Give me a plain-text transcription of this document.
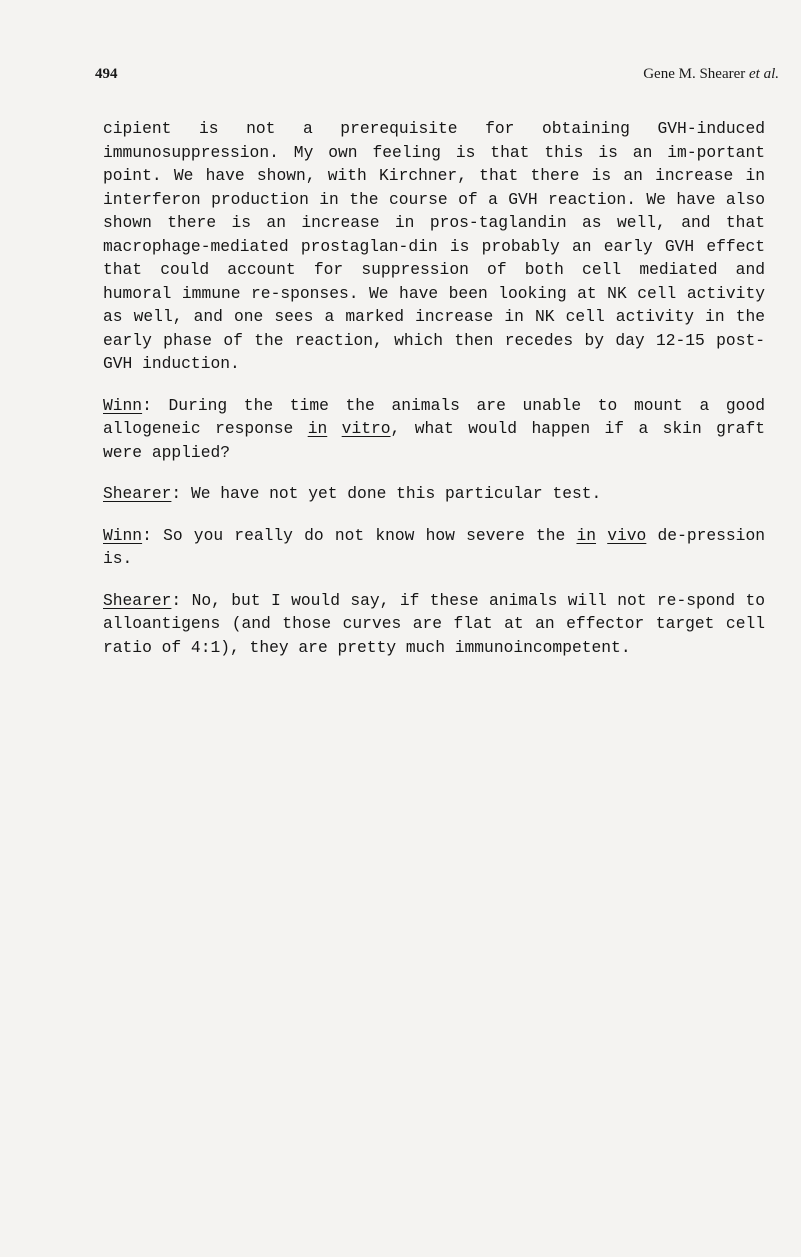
494	Gene M. Shearer et al.

cipient is not a prerequisite for obtaining GVH-induced immunosuppression. My own feeling is that this is an im-portant point. We have shown, with Kirchner, that there is an increase in interferon production in the course of a GVH reaction. We have also shown there is an increase in pros-taglandin as well, and that macrophage-mediated prostaglan-din is probably an early GVH effect that could account for suppression of both cell mediated and humoral immune re-sponses. We have been looking at NK cell activity as well, and one sees a marked increase in NK cell activity in the early phase of the reaction, which then recedes by day 12-15 post-GVH induction.

Winn: During the time the animals are unable to mount a good allogeneic response in vitro, what would happen if a skin graft were applied?

Shearer: We have not yet done this particular test.

Winn: So you really do not know how severe the in vivo de-pression is.

Shearer: No, but I would say, if these animals will not re-spond to alloantigens (and those curves are flat at an effector target cell ratio of 4:1), they are pretty much immunoincompetent.
